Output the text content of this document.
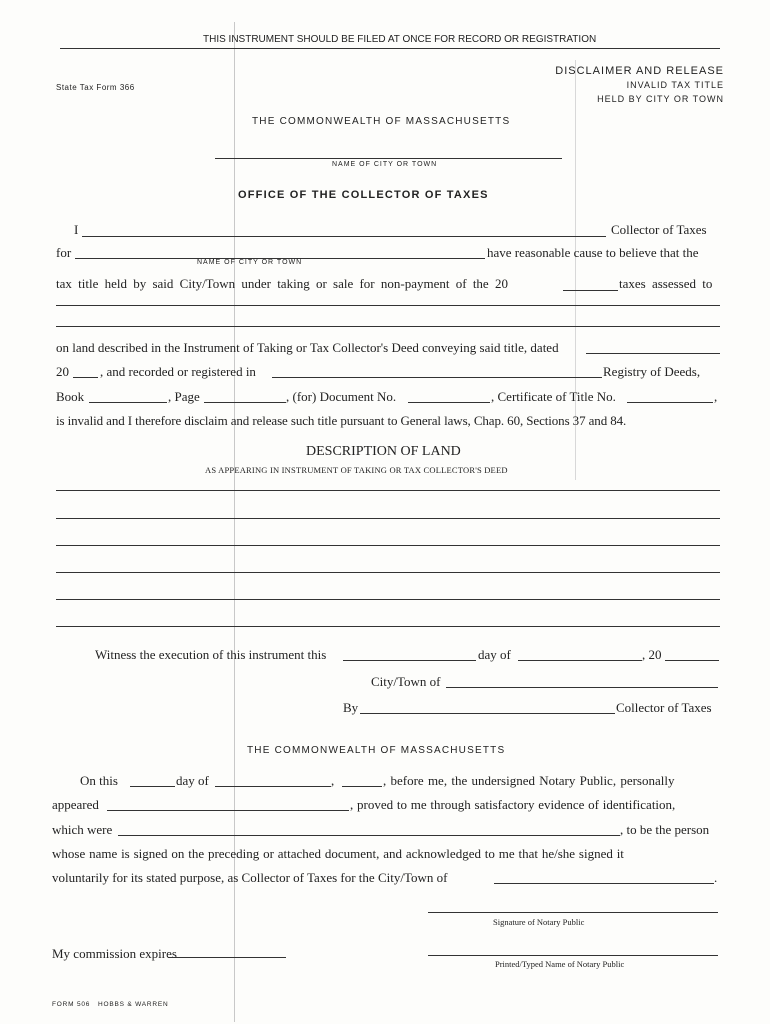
THIS INSTRUMENT SHOULD BE FILED AT ONCE FOR RECORD OR REGISTRATION
State Tax Form 366
DISCLAIMER AND RELEASE
INVALID TAX TITLE
HELD BY CITY OR TOWN
THE COMMONWEALTH OF MASSACHUSETTS
NAME OF CITY OR TOWN
OFFICE OF THE COLLECTOR OF TAXES
I	Collector of Taxes
for	have reasonable cause to believe that the
NAME OF CITY OR TOWN
tax title held by said City/Town under taking or sale for non-payment of the 20	taxes assessed to
on land described in the Instrument of Taking or Tax Collector's Deed conveying said title, dated
20 , and recorded or registered in	Registry of Deeds,
Book	, Page	, (for) Document No.	, Certificate of Title No.	,
is invalid and I therefore disclaim and release such title pursuant to General laws, Chap. 60, Sections 37 and 84.
DESCRIPTION OF LAND
AS APPEARING IN INSTRUMENT OF TAKING OR TAX COLLECTOR'S DEED
Witness the execution of this instrument this	day of	, 20
City/Town of
By	Collector of Taxes
THE COMMONWEALTH OF MASSACHUSETTS
On this	day of	,	, before me, the undersigned Notary Public, personally
appeared	, proved to me through satisfactory evidence of identification,
which were	, to be the person
whose name is signed on the preceding or attached document, and acknowledged to me that he/she signed it
voluntarily for its stated purpose, as Collector of Taxes for the City/Town of	.
Signature of Notary Public
My commission expires
Printed/Typed Name of Notary Public
FORM 506   HOBBS & WARREN
